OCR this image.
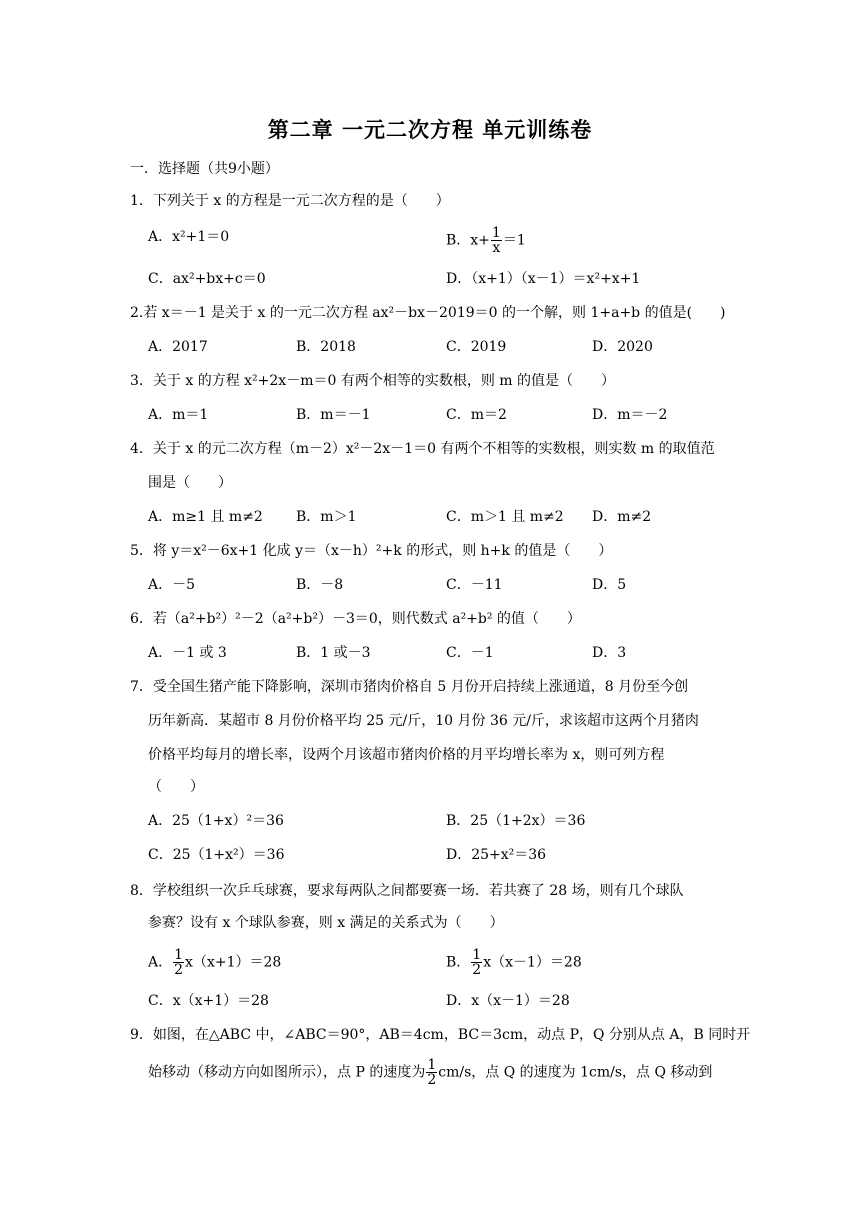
第二章 一元二次方程 单元训练卷
一．选择题（共9小题）
1．下列关于 x 的方程是一元二次方程的是（　　）
A．x²+1＝0	B．$x+ \frac{1}{x} =1$
C．ax²+bx+c＝0	D．（x+1）（x－1）＝x²+x+1
2.若 x＝－1 是关于 x 的一元二次方程 ax²－bx－2019＝0 的一个解，则 1+a+b 的值是(　　)
A．2017	B．2018	C．2019	D．2020
3．关于 x 的方程 x²+2x－m＝0 有两个相等的实数根，则 m 的值是（　　）
A．m＝1	B．m＝－1	C．m＝2	D．m＝－2
4．关于 x 的元二次方程（m－2）x²－2x－1＝0 有两个不相等的实数根，则实数 m 的取值范
围是（　　）
A．m≥1 且 m≠2 B．m＞1	C．m＞1 且 m≠2 D．m≠2
5．将 y＝x²－6x+1 化成 y＝（x－h）²+k 的形式，则 h+k 的值是（　　）
A．－5	B．－8	C．－11	D．5
6．若（a²+b²）²－2（a²+b²）－3＝0，则代数式 a²+b² 的值（　　）
A．－1 或 3	B．1 或－3	C．－1	D．3
7．受全国生猪产能下降影响，深圳市猪肉价格自 5 月份开启持续上涨通道，8 月份至今创
历年新高．某超市 8 月份价格平均 25 元/斤，10 月份 36 元/斤，求该超市这两个月猪肉
价格平均每月的增长率，设两个月该超市猪肉价格的月平均增长率为 x，则可列方程
（　　）
A．25（1+x）²＝36	B．25（1+2x）＝36
C．25（1+x²）＝36	D．25+x²＝36
8．学校组织一次乒乓球赛，要求每两队之间都要赛一场．若共赛了 28 场，则有几个球队
参赛？设有 x 个球队参赛，则 x 满足的关系式为（　　）
A． $\frac{1}{2} x(x+1)=28$	B． $\frac{1}{2} x(x-1)=28$
C．x（x+1）＝28	D．x（x－1）＝28
9．如图，在△ABC 中，∠ABC＝90°，AB＝4cm，BC＝3cm，动点 P，Q 分别从点 A，B 同时开
始移动（移动方向如图所示），点 P 的速度为 $\frac{1}{2} cm/s$，点 Q 的速度为 1cm/s，点 Q 移动到
